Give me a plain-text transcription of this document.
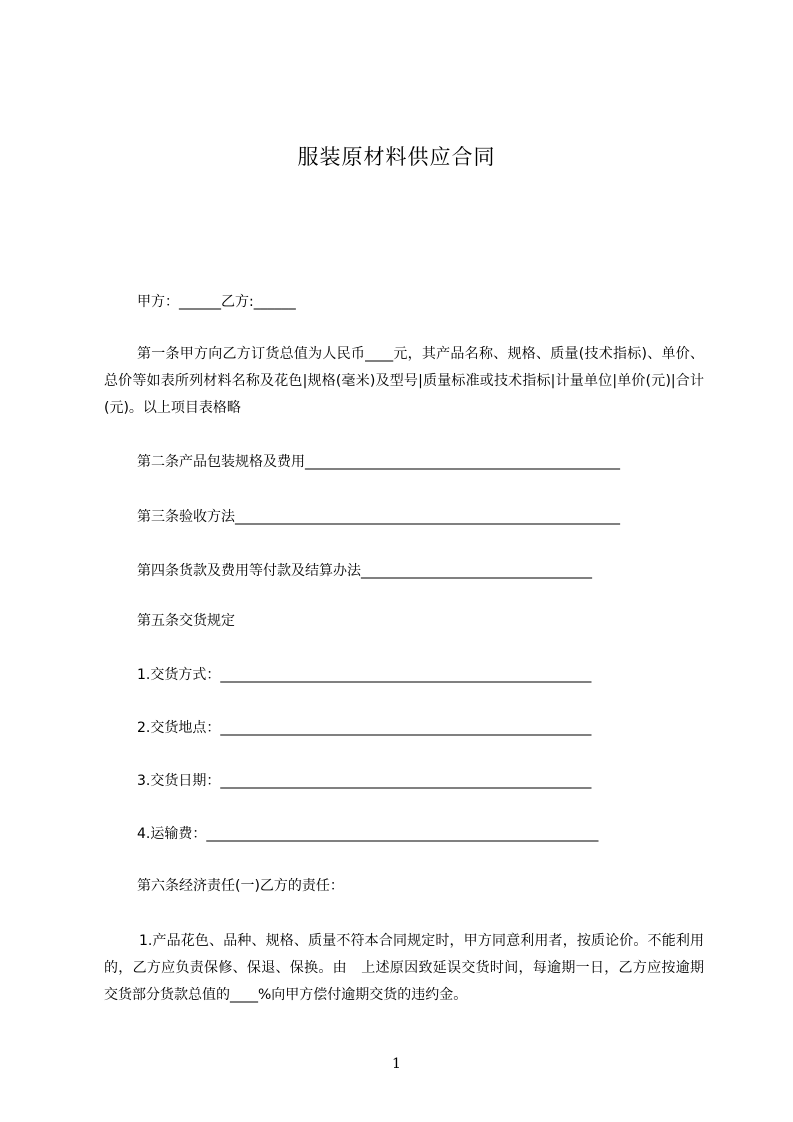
服装原材料供应合同
甲方：______乙方:______
第一条甲方向乙方订货总值为人民币____元，其产品名称、规格、质量(技术指标)、单价、总价等如表所列材料名称及花色|规格(毫米)及型号|质量标准或技术指标|计量单位|单价(元)|合计(元)。以上项目表格略
第二条产品包装规格及费用_____________________________________________
第三条验收方法_______________________________________________________
第四条货款及费用等付款及结算办法_________________________________
第五条交货规定
1.交货方式：_____________________________________________________
2.交货地点：_____________________________________________________
3.交货日期：_____________________________________________________
4.运输费：________________________________________________________
第六条经济责任(一)乙方的责任：
1.产品花色、品种、规格、质量不符本合同规定时，甲方同意利用者，按质论价。不能利用的，乙方应负责保修、保退、保换。由　上述原因致延误交货时间，每逾期一日，乙方应按逾期交货部分货款总值的____%向甲方偿付逾期交货的违约金。
1
